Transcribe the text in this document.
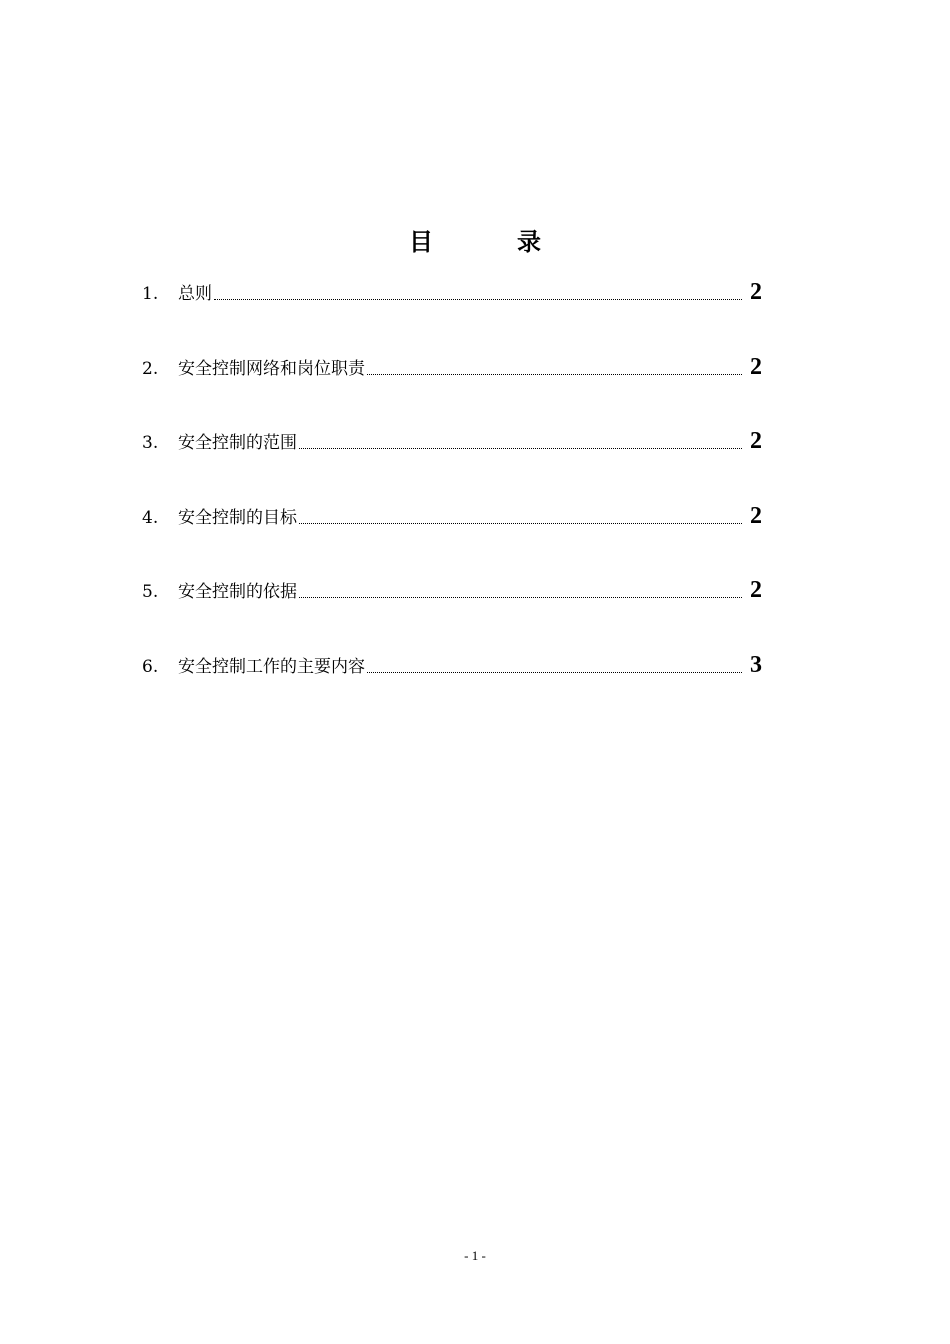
目　录
1.	总则	2
2.	安全控制网络和岗位职责	2
3.	安全控制的范围	2
4.	安全控制的目标	2
5.	安全控制的依据	2
6.	安全控制工作的主要内容	3
- 1 -
